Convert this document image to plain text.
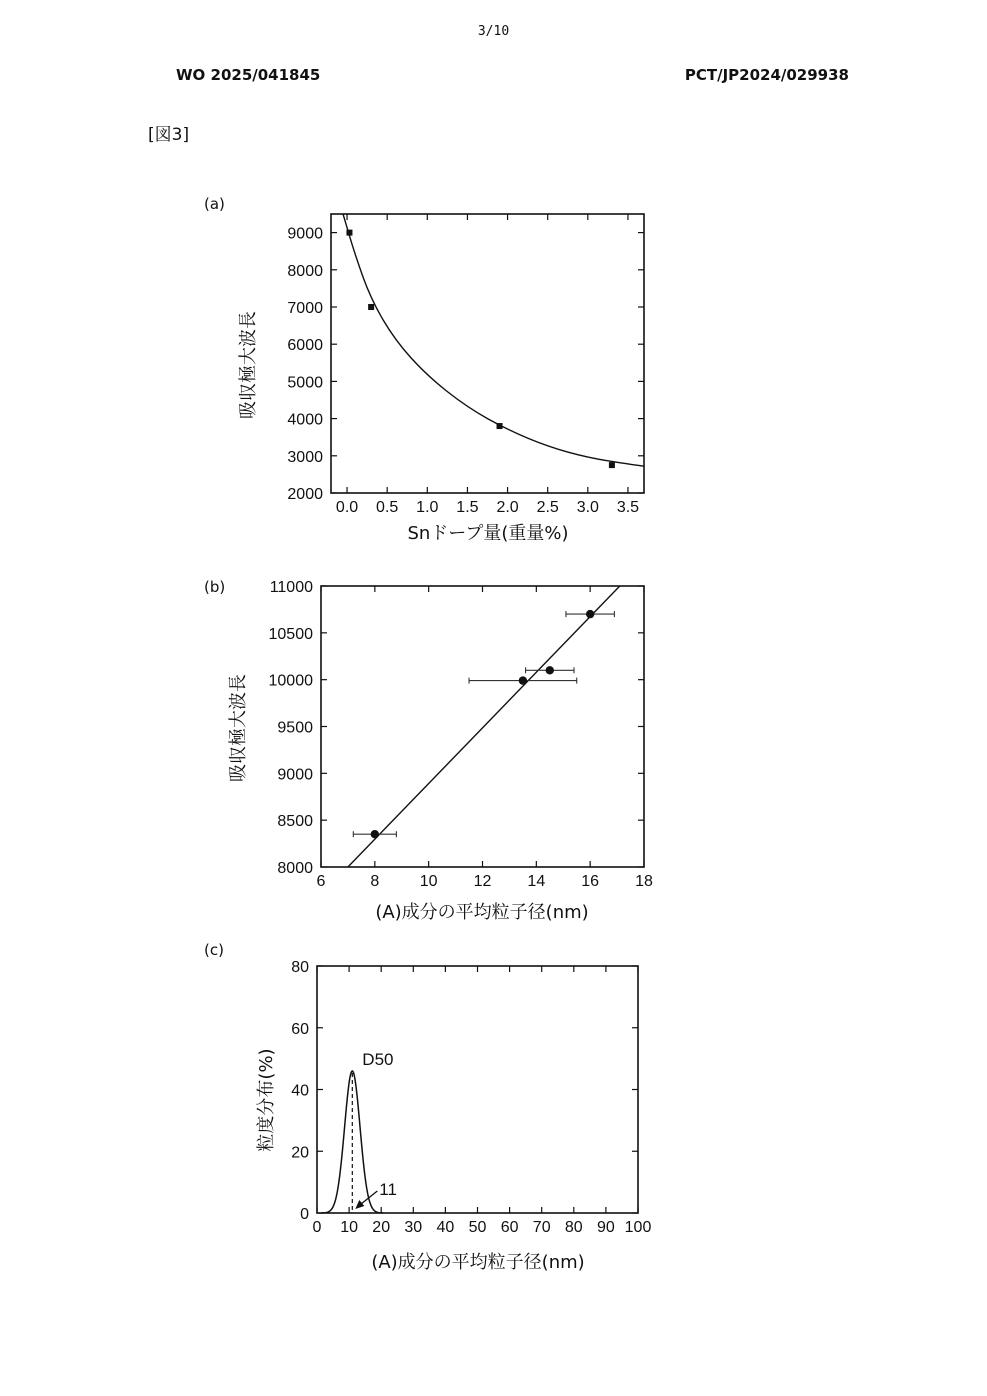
3/10
WO 2025/041845	PCT/JP2024/029938
[図3]
(a)
0.0 0.5 1.0 1.5 2.0 2.5 3.0 3.5
2000
3000
4000
5000
6000
7000
8000
9000
Snドープ量(重量%)
吸収極大波長
(b)
6	8	10 12 14 16 18
8000
8500
9000
9500
10000
10500
11000
(A)成分の平均粒子径(nm)
吸収極大波長
(c)
0 10 20 30 40 50 60 70 80 90 100
0
20
40
60
80
(A)成分の平均粒子径(nm)
粒度分布(%)	D50
11
